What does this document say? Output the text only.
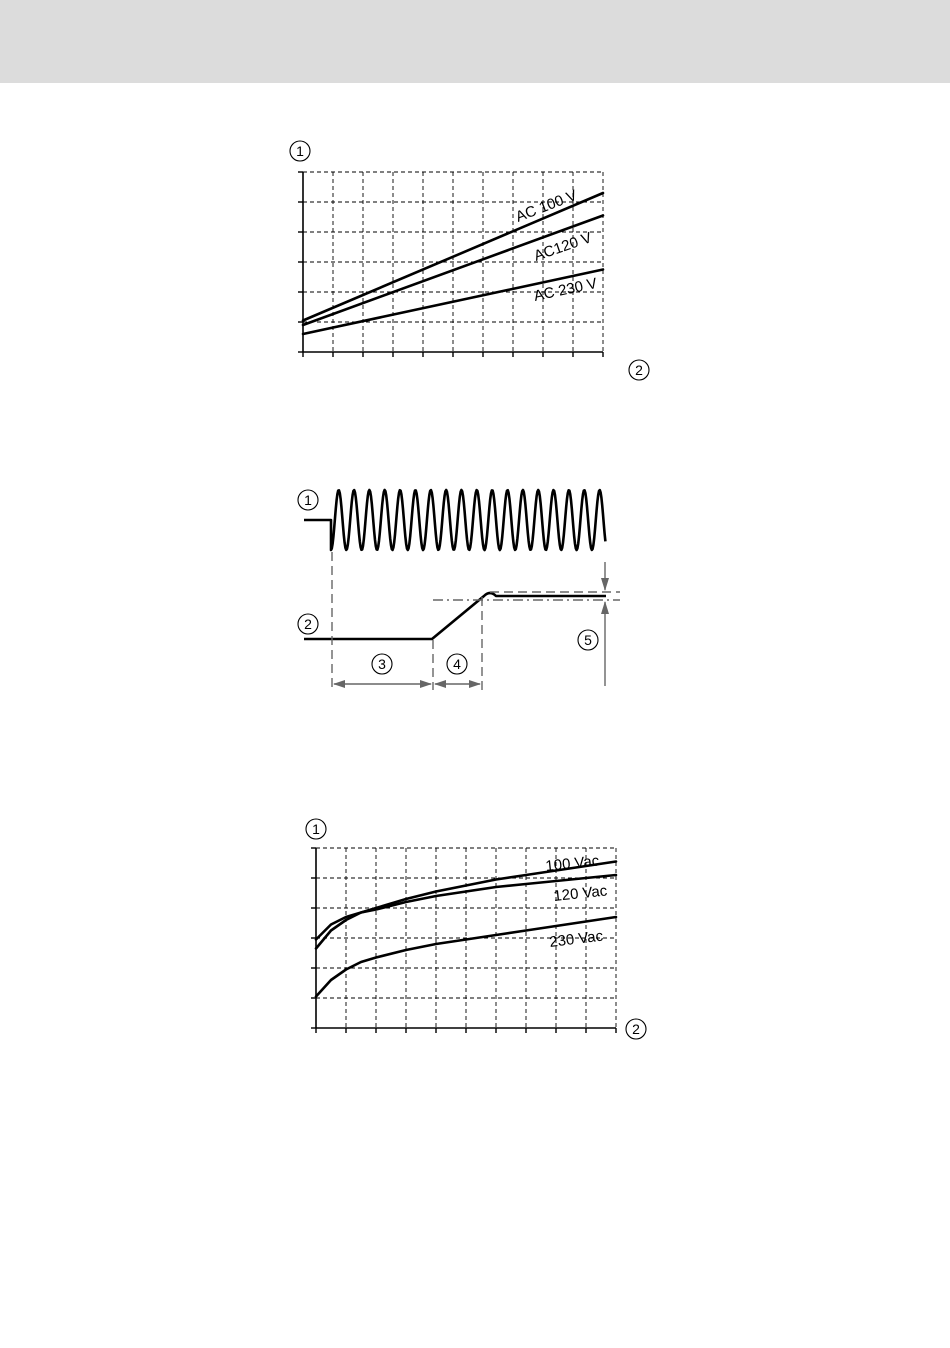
AC 100 V
AC120 V
AC 230 V
1
2
1
2
3	4
5
100 Vac
120 Vac
230 Vac
1
2
